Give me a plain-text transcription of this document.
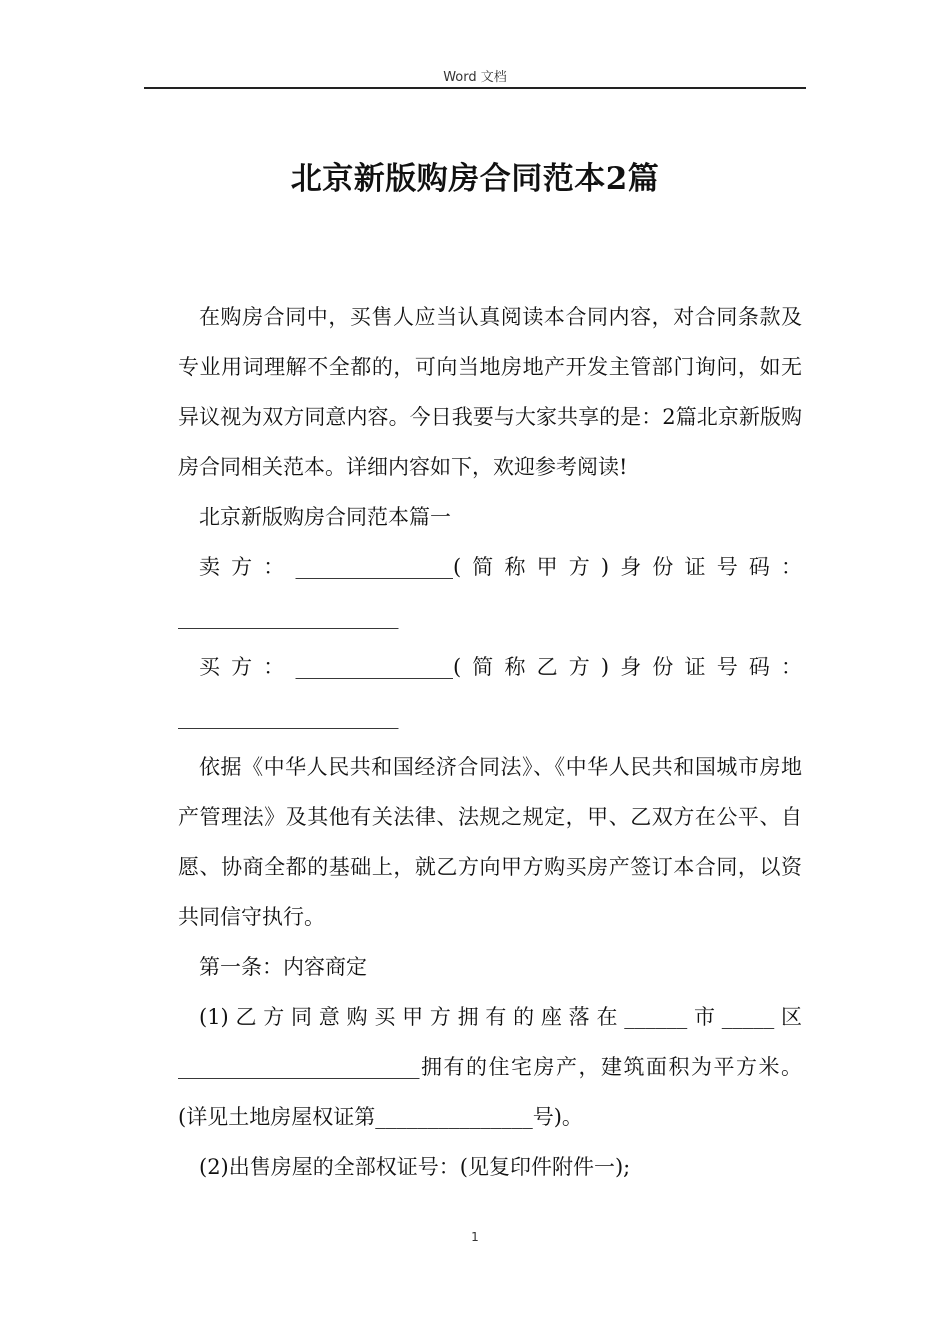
Word 文档
北京新版购房合同范本2篇

在购房合同中，买售人应当认真阅读本合同内容，对合同条款及专业用词理解不全都的，可向当地房地产开发主管部门询问，如无异议视为双方同意内容。今日我要与大家共享的是：2篇北京新版购房合同相关范本。详细内容如下，欢迎参考阅读!

北京新版购房合同范本篇一

卖方：_______________(简称甲方)身份证号码：_____________________

买方：_______________(简称乙方)身份证号码：_____________________

依据《中华人民共和国经济合同法》、《中华人民共和国城市房地产管理法》及其他有关法律、法规之规定，甲、乙双方在公平、自愿、协商全都的基础上，就乙方向甲方购买房产签订本合同，以资共同信守执行。

第一条：内容商定

(1)乙方同意购买甲方拥有的座落在______市_____区_______________________拥有的住宅房产，建筑面积为平方米。(详见土地房屋权证第_______________号)。

(2)出售房屋的全部权证号：(见复印件附件一);

1
